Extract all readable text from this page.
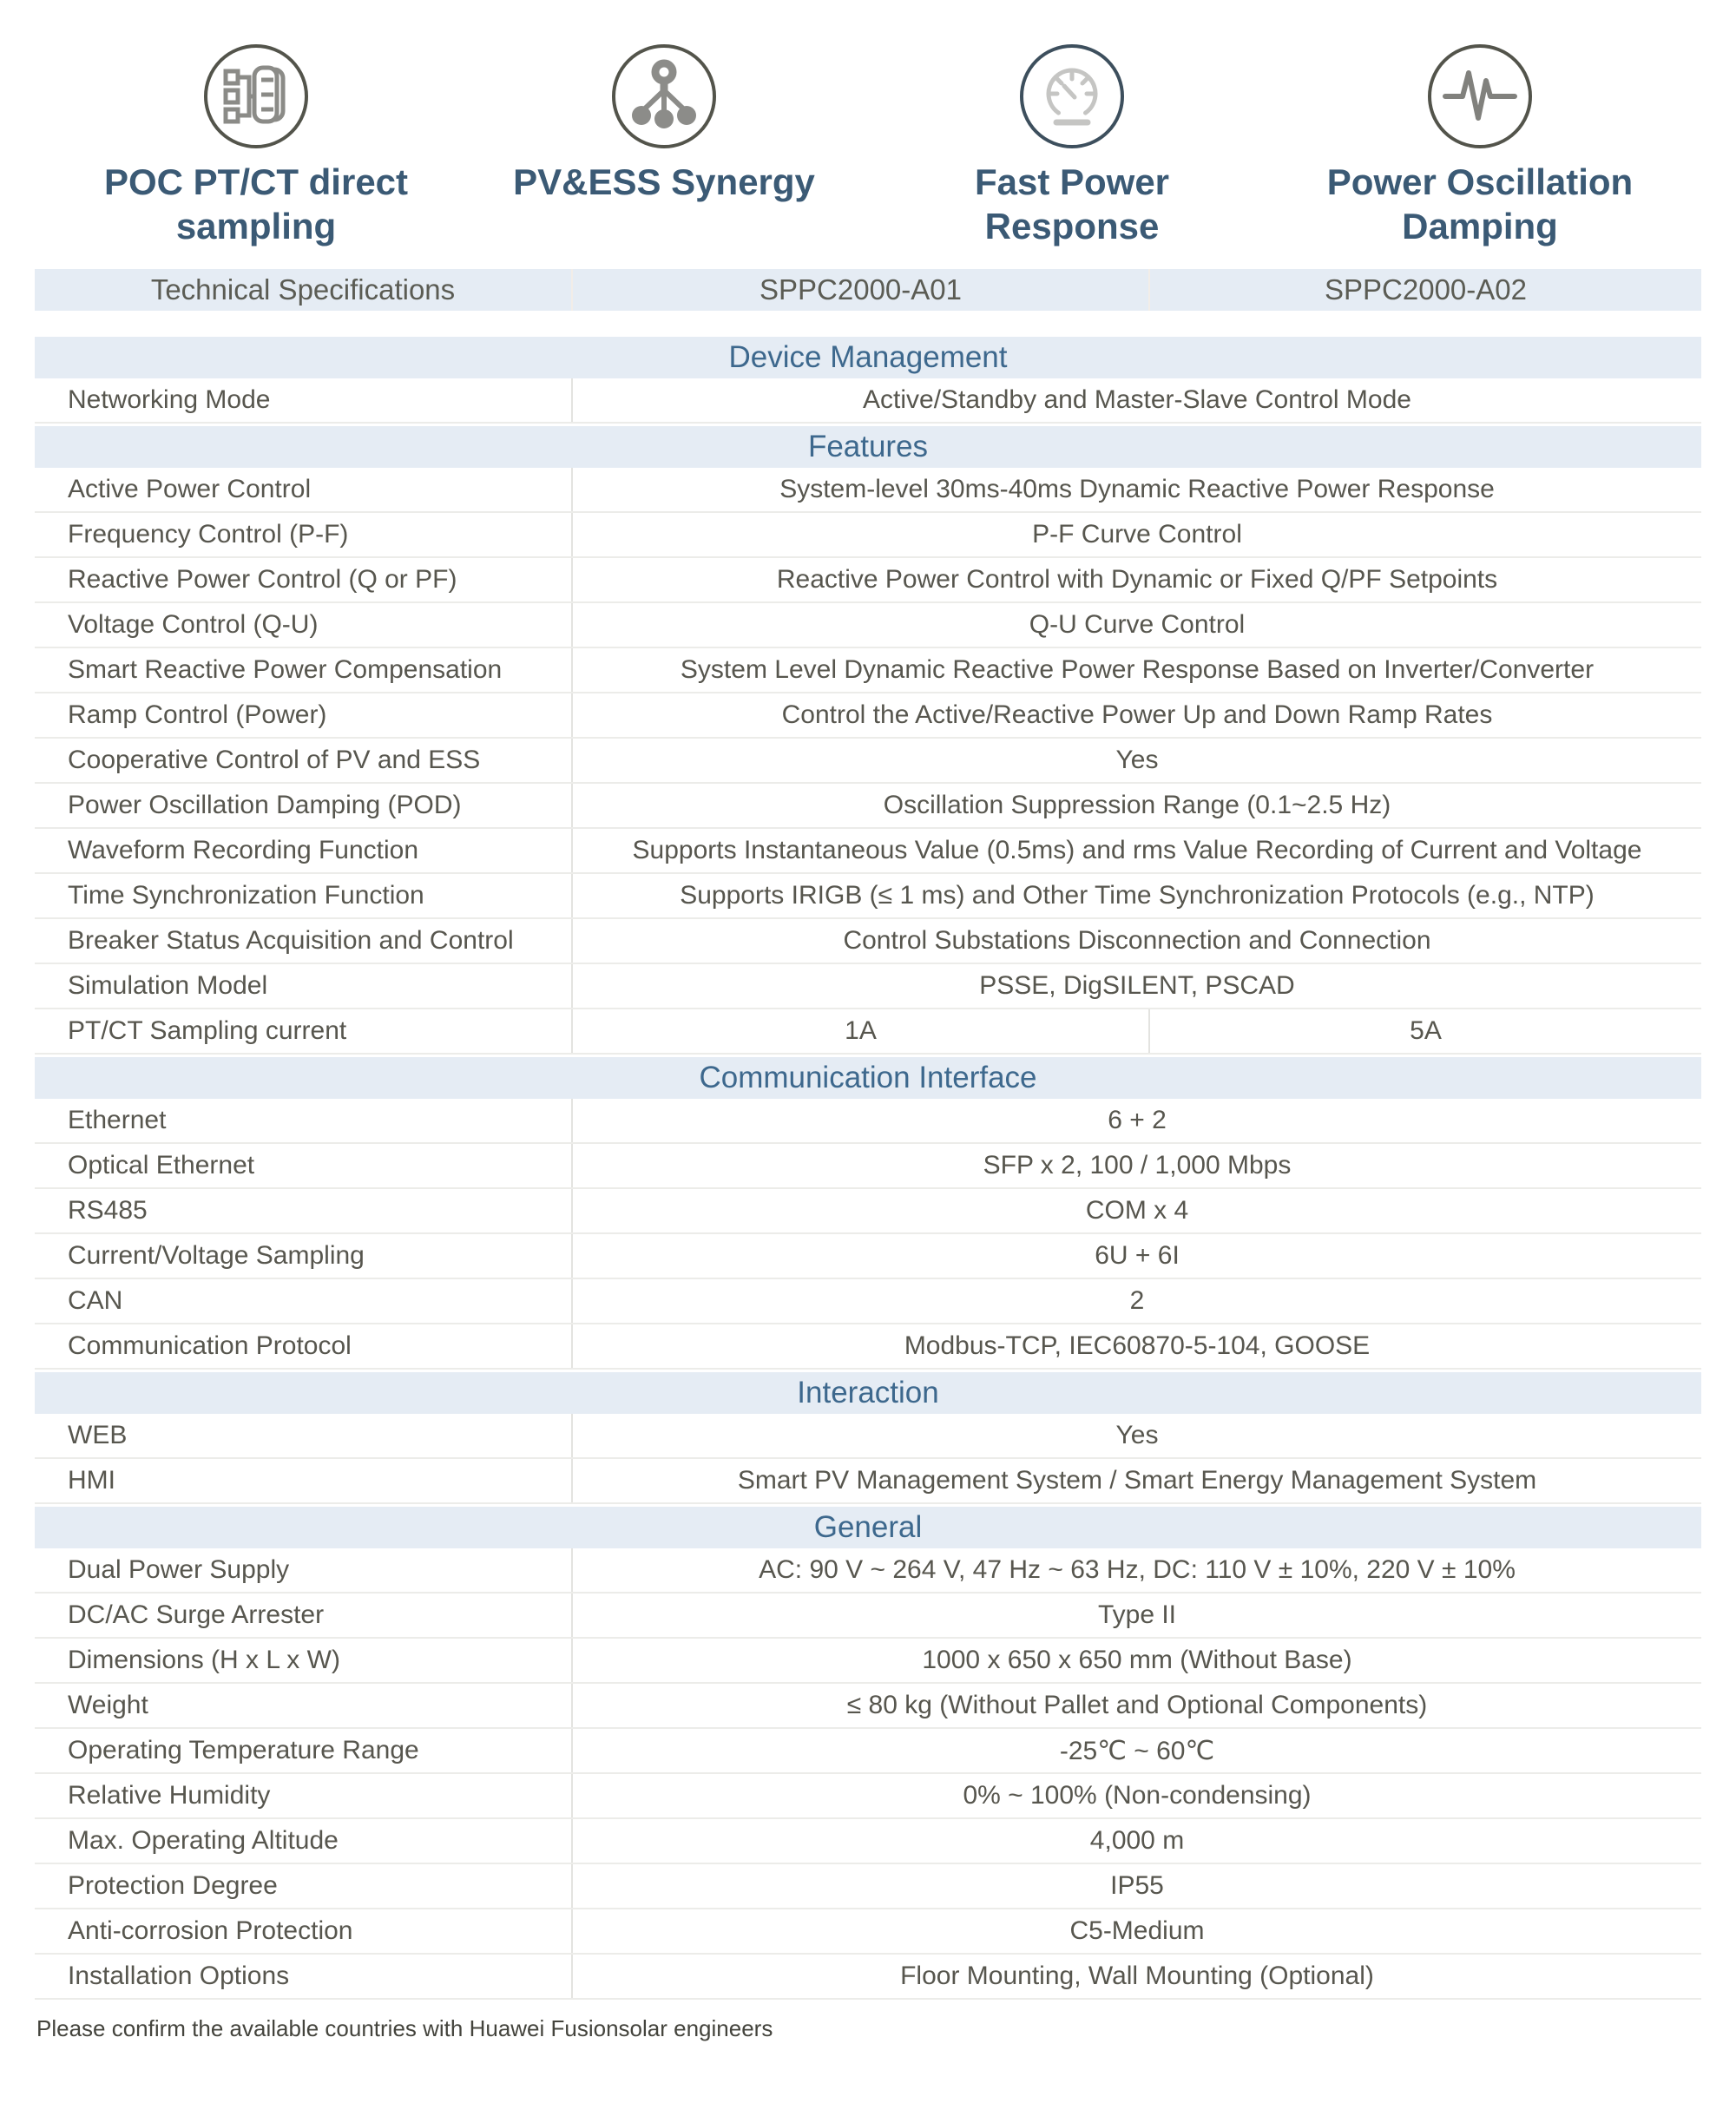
POC PT/CT direct sampling
PV&ESS Synergy	Fast Power Response
Power Oscillation Damping
Technical Specifications	SPPC2000-A01	SPPC2000-A02
Device Management
Networking Mode	Active/Standby and Master-Slave Control Mode
Features
Active Power Control	System-level 30ms-40ms Dynamic Reactive Power Response
Frequency Control (P-F)	P-F Curve Control
Reactive Power Control (Q or PF)	Reactive Power Control with Dynamic or Fixed Q/PF Setpoints
Voltage Control (Q-U)	Q-U Curve Control
Smart Reactive Power Compensation	System Level Dynamic Reactive Power Response Based on Inverter/Converter
Ramp Control (Power)	Control the Active/Reactive Power Up and Down Ramp Rates
Cooperative Control of PV and ESS	Yes
Power Oscillation Damping (POD)	Oscillation Suppression Range (0.1~2.5 Hz)
Waveform Recording Function	Supports Instantaneous Value (0.5ms) and rms Value Recording of Current and Voltage
Time Synchronization Function	Supports IRIGB (≤ 1 ms) and Other Time Synchronization Protocols (e.g., NTP)
Breaker Status Acquisition and Control	Control Substations Disconnection and Connection
Simulation Model	PSSE, DigSILENT, PSCAD
PT/CT Sampling current	1A	5A
Communication Interface
Ethernet	6 + 2
Optical Ethernet	SFP x 2, 100 / 1,000 Mbps
RS485	COM x 4
Current/Voltage Sampling	6U + 6I
CAN	2
Communication Protocol	Modbus-TCP, IEC60870-5-104, GOOSE
Interaction
WEB	Yes
HMI	Smart PV Management System / Smart Energy Management System
General
Dual Power Supply	AC: 90 V ~ 264 V, 47 Hz ~ 63 Hz, DC: 110 V ± 10%, 220 V ± 10%
DC/AC Surge Arrester	Type II
Dimensions (H x L x W)	1000 x 650 x 650 mm (Without Base)
Weight	≤ 80 kg (Without Pallet and Optional Components)
Operating Temperature Range	-25℃ ~ 60℃
Relative Humidity	0% ~ 100% (Non-condensing)
Max. Operating Altitude	4,000 m
Protection Degree	IP55
Anti-corrosion Protection	C5-Medium
Installation Options	Floor Mounting, Wall Mounting (Optional)
Please confirm the available countries with Huawei Fusionsolar engineers
